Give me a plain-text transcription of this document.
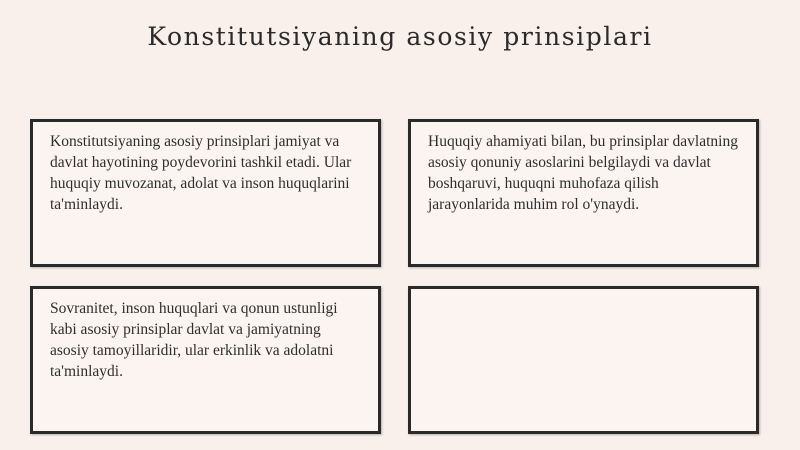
Konstitutsiyaning asosiy prinsiplari
Konstitutsiyaning asosiy prinsiplari jamiyat va davlat hayotining poydevorini tashkil etadi. Ular huquqiy muvozanat, adolat va inson huquqlarini ta'minlaydi.
Huquqiy ahamiyati bilan, bu prinsiplar davlatning asosiy qonuniy asoslarini belgilaydi va davlat boshqaruvi, huquqni muhofaza qilish jarayonlarida muhim rol o'ynaydi.
Sovranitet, inson huquqlari va qonun ustunligi kabi asosiy prinsiplar davlat va jamiyatning asosiy tamoyillaridir, ular erkinlik va adolatni ta'minlaydi.
